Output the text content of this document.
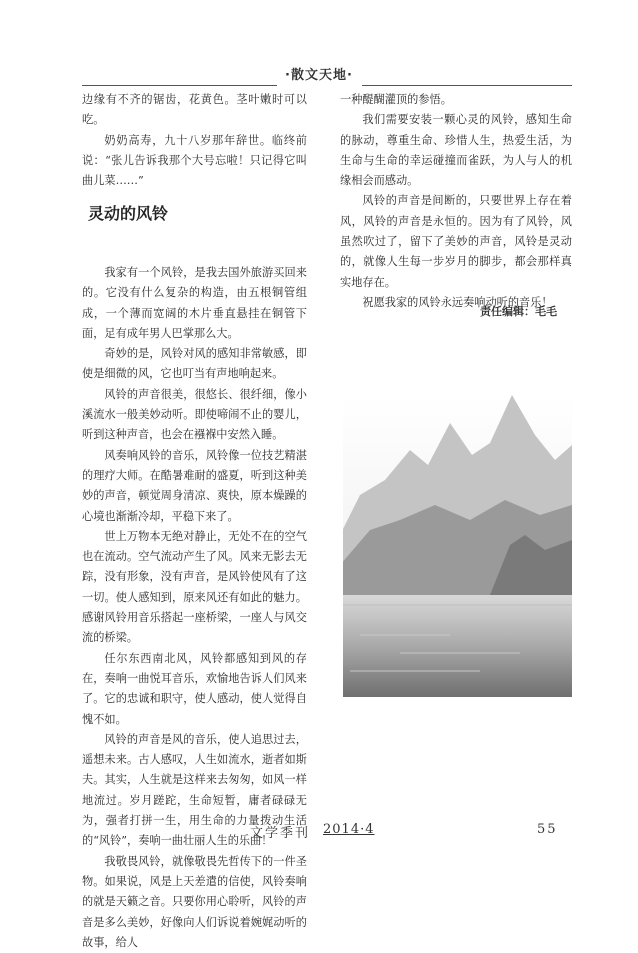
·散文天地·

边缘有不齐的锯齿，花黄色。茎叶嫩时可以吃。

奶奶高寿，九十八岁那年辞世。临终前说：“张儿告诉我那个大号忘啦！只记得它叫曲儿菜……”

灵动的风铃

我家有一个风铃，是我去国外旅游买回来的。它没有什么复杂的构造，由五根铜管组成，一个薄而宽阔的木片垂直悬挂在铜管下面，足有成年男人巴掌那么大。

奇妙的是，风铃对风的感知非常敏感，即使是细微的风，它也叮当有声地响起来。

风铃的声音很美，很悠长、很纤细，像小溪流水一般美妙动听。即使啼闹不止的婴儿，听到这种声音，也会在襁褓中安然入睡。

风奏响风铃的音乐，风铃像一位技艺精湛的理疗大师。在酷暑难耐的盛夏，听到这种美妙的声音，顿觉周身清凉、爽快，原本燥躁的心境也渐渐冷却，平稳下来了。

世上万物本无绝对静止，无处不在的空气也在流动。空气流动产生了风。风来无影去无踪，没有形象，没有声音，是风铃使风有了这一切。使人感知到，原来风还有如此的魅力。感谢风铃用音乐搭起一座桥梁，一座人与风交流的桥梁。

任尔东西南北风，风铃都感知到风的存在，奏响一曲悦耳音乐，欢愉地告诉人们风来了。它的忠诚和职守，使人感动，使人觉得自愧不如。

风铃的声音是风的音乐，使人追思过去，遥想未来。古人感叹，人生如流水，逝者如斯夫。其实，人生就是这样来去匆匆，如风一样地流过。岁月蹉跎，生命短暂，庸者碌碌无为，强者打拼一生，用生命的力量拨动生活的“风铃”，奏响一曲壮丽人生的乐曲！

我敬畏风铃，就像敬畏先哲传下的一件圣物。如果说，风是上天差遣的信使，风铃奏响的就是天籁之音。只要你用心聆听，风铃的声音是多么美妙，好像向人们诉说着婉娓动听的故事，给人

一种醍醐灌顶的参悟。

我们需要安装一颗心灵的风铃，感知生命的脉动，尊重生命、珍惜人生，热爱生活，为生命与生命的幸运碰撞而雀跃，为人与人的机缘相会而感动。

风铃的声音是间断的，只要世界上存在着风，风铃的声音是永恒的。因为有了风铃，风虽然吹过了，留下了美妙的声音，风铃是灵动的，就像人生每一步岁月的脚步，都会那样真实地存在。

祝愿我家的风铃永远奏响动听的音乐！

责任编辑：毛毛
文学季刊 2014·4	55
